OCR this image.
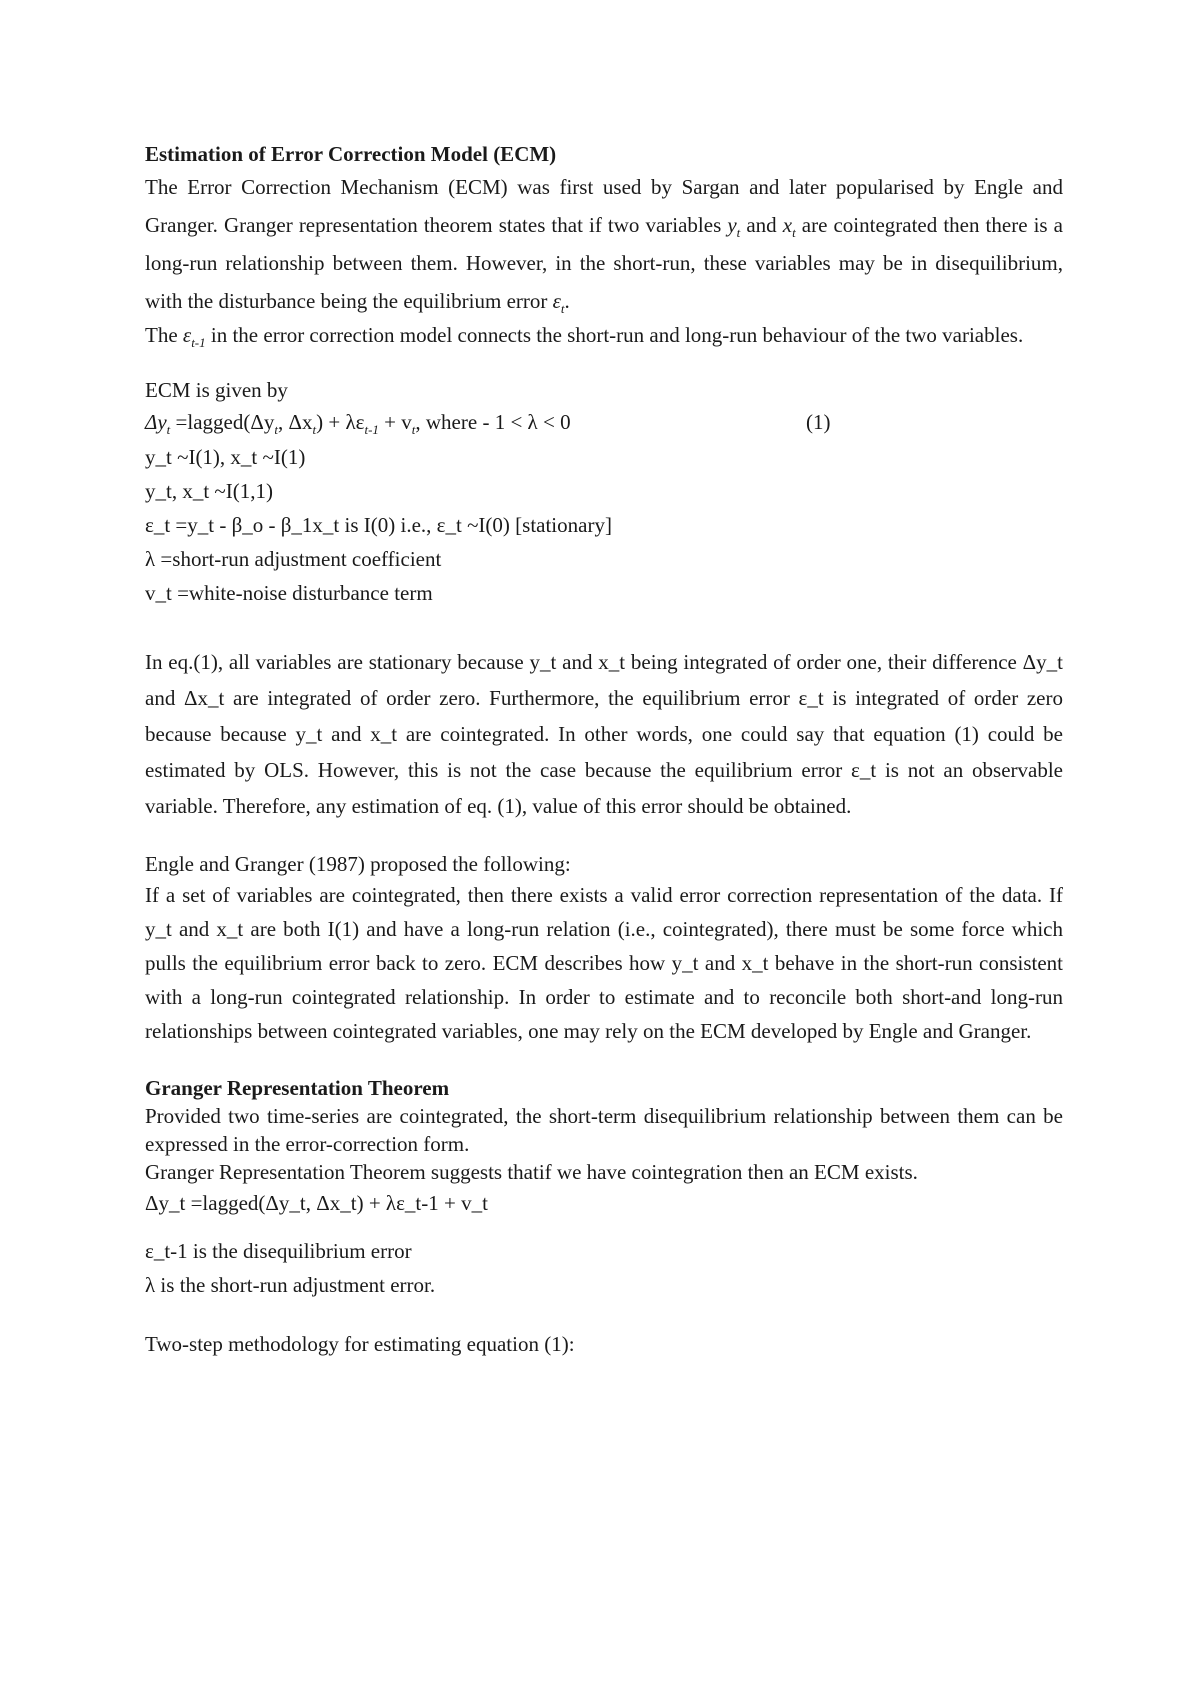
Estimation of Error Correction Model (ECM)

The Error Correction Mechanism (ECM) was first used by Sargan and later popularised by Engle and Granger. Granger representation theorem states that if two variables $y_t$ and $x_t$ are cointegrated then there is a long-run relationship between them. However, in the short-run, these variables may be in disequilibrium, with the disturbance being the equilibrium error $\varepsilon_t$.

The $\varepsilon_{t-1}$ in the error correction model connects the short-run and long-run behaviour of the two variables.

ECM is given by

$\Delta y_t$ $=lagged(\Delta y_t$, $\Delta x_t) + \lambda\varepsilon_{t-1} + v_t$, where - 1 < λ < 0	(1)
y_t ~I(1), x_t ~I(1)
y_t, x_t ~I(1,1)
ε_t =y_t - β_o - β_1x_t is I(0) i.e., ε_t ~I(0) [stationary]
λ =short-run adjustment coefficient
v_t =white-noise disturbance term

In eq.(1), all variables are stationary because y_t and x_t being integrated of order one, their difference Δy_t and Δx_t are integrated of order zero. Furthermore, the equilibrium error ε_t is integrated of order zero because because y_t and x_t are cointegrated. In other words, one could say that equation (1) could be estimated by OLS. However, this is not the case because the equilibrium error ε_t is not an observable variable. Therefore, any estimation of eq. (1), value of this error should be obtained.

Engle and Granger (1987) proposed the following:

If a set of variables are cointegrated, then there exists a valid error correction representation of the data. If y_t and x_t are both I(1) and have a long-run relation (i.e., cointegrated), there must be some force which pulls the equilibrium error back to zero. ECM describes how y_t and x_t behave in the short-run consistent with a long-run cointegrated relationship. In order to estimate and to reconcile both short-and long-run relationships between cointegrated variables, one may rely on the ECM developed by Engle and Granger.

Granger Representation Theorem

Provided two time-series are cointegrated, the short-term disequilibrium relationship between them can be expressed in the error-correction form.

Granger Representation Theorem suggests thatif we have cointegration then an ECM exists.

Δy_t =lagged(Δy_t, Δx_t) + λε_t-1 + v_t
ε_t-1 is the disequilibrium error
λ is the short-run adjustment error.

Two-step methodology for estimating equation (1):
